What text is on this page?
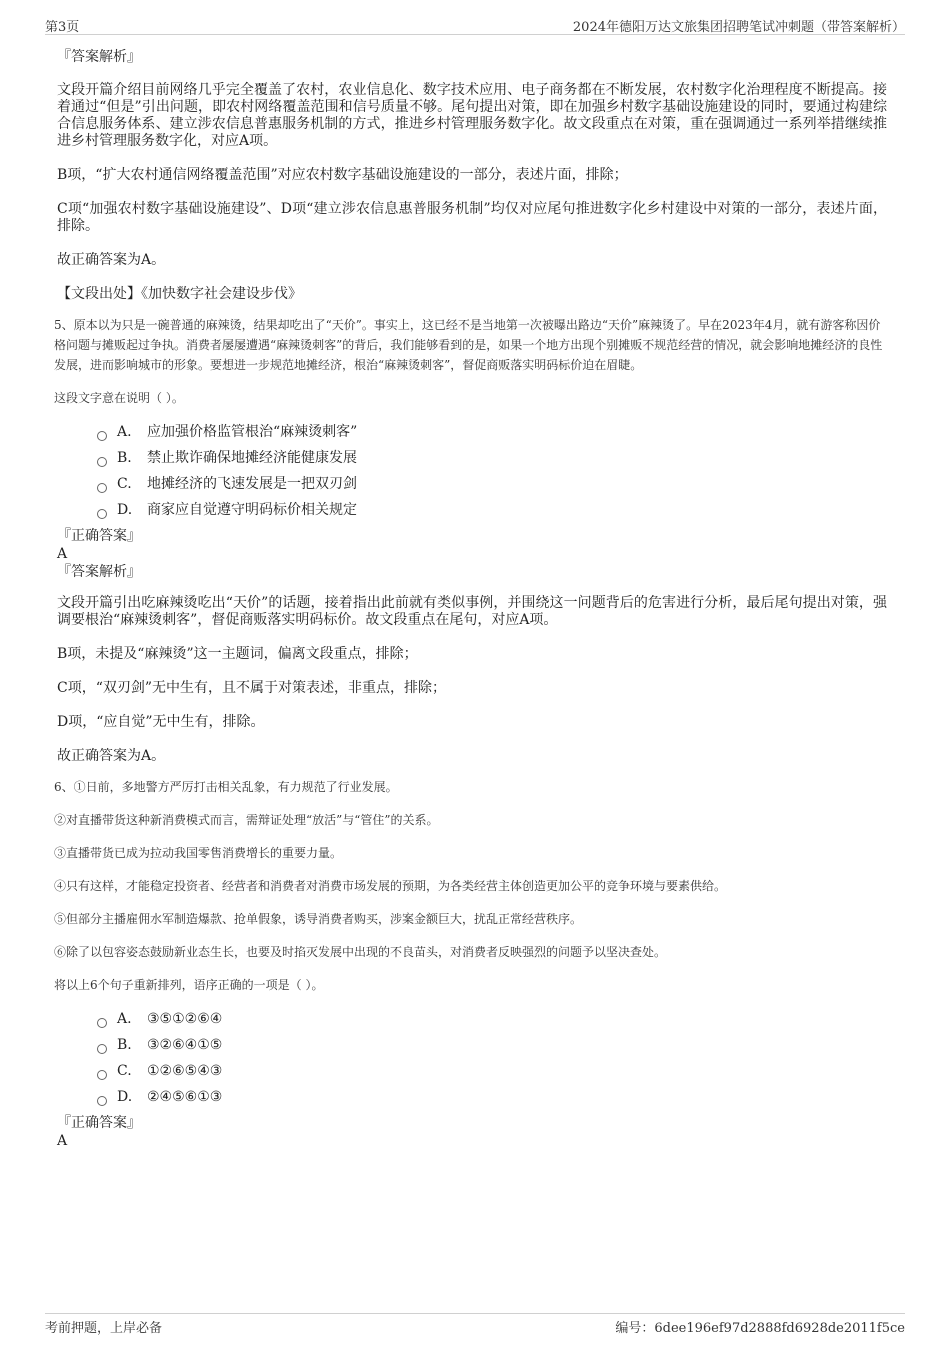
第3页	2024年德阳万达文旅集团招聘笔试冲刺题（带答案解析）

『答案解析』

文段开篇介绍目前网络几乎完全覆盖了农村，农业信息化、数字技术应用、电子商务都在不断发展，农村数字化治理程度不断提高。接着通过“但是”引出问题，即农村网络覆盖范围和信号质量不够。尾句提出对策，即在加强乡村数字基础设施建设的同时，要通过构建综合信息服务体系、建立涉农信息普惠服务机制的方式，推进乡村管理服务数字化。故文段重点在对策，重在强调通过一系列举措继续推进乡村管理服务数字化，对应A项。

B项，“扩大农村通信网络覆盖范围”对应农村数字基础设施建设的一部分，表述片面，排除；

C项“加强农村数字基础设施建设”、D项“建立涉农信息惠普服务机制”均仅对应尾句推进数字化乡村建设中对策的一部分，表述片面，排除。

故正确答案为A。

【文段出处】《加快数字社会建设步伐》

5、原本以为只是一碗普通的麻辣烫，结果却吃出了“天价”。事实上，这已经不是当地第一次被曝出路边“天价”麻辣烫了。早在2023年4月，就有游客称因价格问题与摊贩起过争执。消费者屡屡遭遇“麻辣烫刺客”的背后，我们能够看到的是，如果一个地方出现个别摊贩不规范经营的情况，就会影响地摊经济的良性发展，进而影响城市的形象。要想进一步规范地摊经济，根治“麻辣烫刺客”，督促商贩落实明码标价迫在眉睫。

这段文字意在说明（ ）。

A.	应加强价格监管根治“麻辣烫刺客”
B.	禁止欺诈确保地摊经济能健康发展
C.	地摊经济的飞速发展是一把双刃剑
D.	商家应自觉遵守明码标价相关规定

『正确答案』

A

『答案解析』

文段开篇引出吃麻辣烫吃出“天价”的话题，接着指出此前就有类似事例，并围绕这一问题背后的危害进行分析，最后尾句提出对策，强调要根治“麻辣烫刺客”，督促商贩落实明码标价。故文段重点在尾句，对应A项。

B项，未提及“麻辣烫”这一主题词，偏离文段重点，排除；

C项，“双刃剑”无中生有，且不属于对策表述，非重点，排除；

D项，“应自觉”无中生有，排除。

故正确答案为A。

6、①日前，多地警方严厉打击相关乱象，有力规范了行业发展。

②对直播带货这种新消费模式而言，需辩证处理“放活”与“管住”的关系。

③直播带货已成为拉动我国零售消费增长的重要力量。

④只有这样，才能稳定投资者、经营者和消费者对消费市场发展的预期，为各类经营主体创造更加公平的竞争环境与要素供给。

⑤但部分主播雇佣水军制造爆款、抢单假象，诱导消费者购买，涉案金额巨大，扰乱正常经营秩序。

⑥除了以包容姿态鼓励新业态生长，也要及时掐灭发展中出现的不良苗头，对消费者反映强烈的问题予以坚决查处。

将以上6个句子重新排列，语序正确的一项是（ ）。

A.	③⑤①②⑥④
B.	③②⑥④①⑤
C.	①②⑥⑤④③
D.	②④⑤⑥①③

『正确答案』

A

考前押题，上岸必备	编号：6dee196ef97d2888fd6928de2011f5ce
